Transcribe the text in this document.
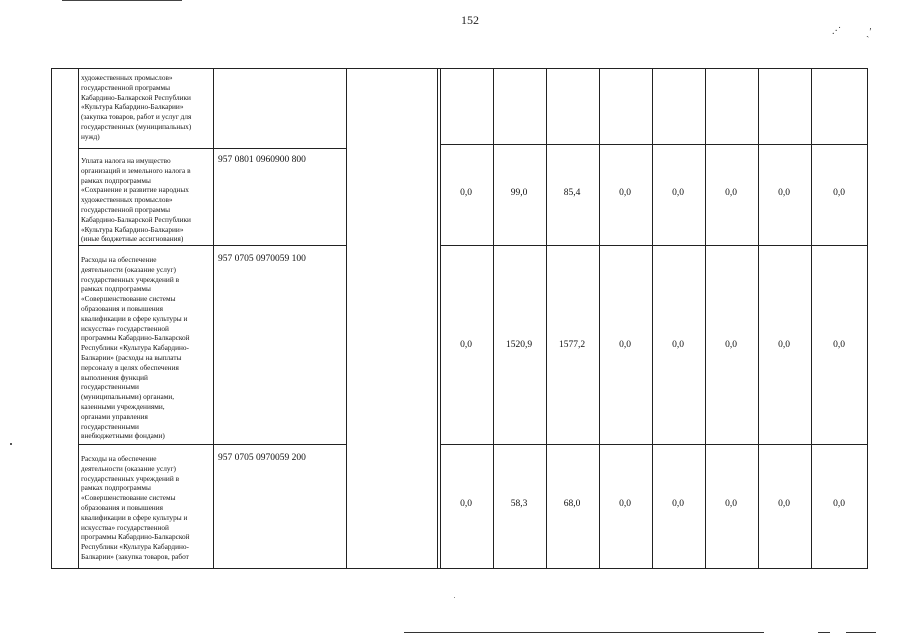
152
.·˙ ˏ′
художественных промыслов»
государственной программы
Кабардино-Балкарской Республики
«Культура Кабардино-Балкарии»
(закупка товаров, работ и услуг для
государственных (муниципальных)
нужд)
Уплата налога на имущество
организаций и земельного налога в
рамках подпрограммы
«Сохранение и развитие народных
художественных промыслов»
государственной программы
Кабардино-Балкарской Республики
«Культура Кабардино-Балкарии»
(иные бюджетные ассигнования)
957 0801 0960900 800
0,0	99,0	85,4	0,0	0,0	0,0	0,0	0,0
Расходы на обеспечение
деятельности (оказание услуг)
государственных учреждений в
рамках подпрограммы
«Совершенствование системы
образования и повышения
квалификации в сфере культуры и
искусства» государственной
программы Кабардино-Балкарской
Республики «Культура Кабардино-
Балкарии» (расходы на выплаты
персоналу в целях обеспечения
выполнения функций
государственными
(муниципальными) органами,
казенными учреждениями,
органами управления
государственными
внебюджетными фондами)
957 0705 0970059 100
0,0	1520,9	1577,2	0,0	0,0	0,0	0,0	0,0
Расходы на обеспечение
деятельности (оказание услуг)
государственных учреждений в
рамках подпрограммы
«Совершенствование системы
образования и повышения
квалификации в сфере культуры и
искусства» государственной
программы Кабардино-Балкарской
Республики «Культура Кабардино-
Балкарии» (закупка товаров, работ
957 0705 0970059 200
0,0	58,3	68,0	0,0	0,0	0,0	0,0	0,0
